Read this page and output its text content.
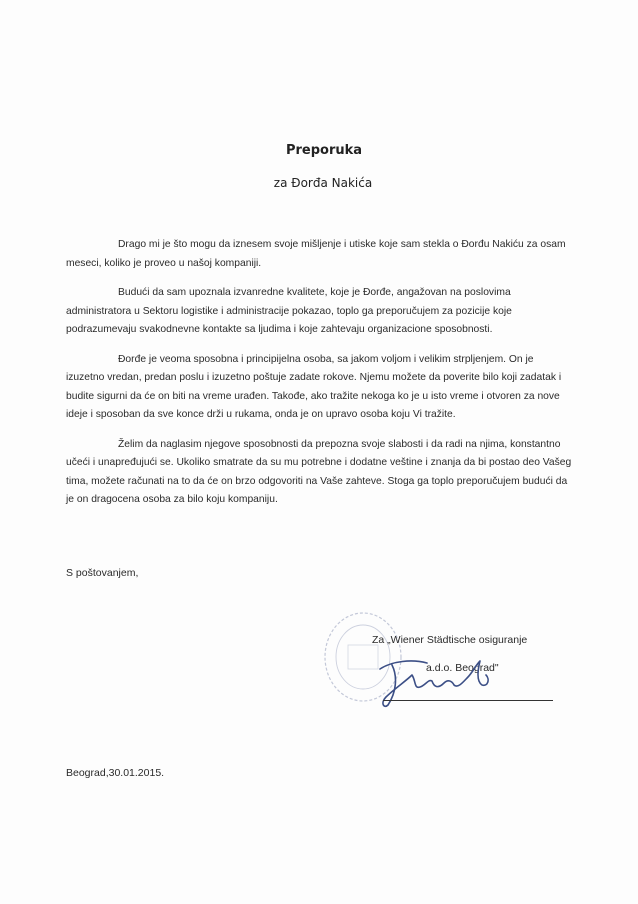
Preporuka
za Đorđa Nakića

Drago mi je što mogu da iznesem svoje mišljenje i utiske koje sam stekla o Đorđu Nakiću za osam meseci, koliko je proveo u našoj kompaniji.

Budući da sam upoznala izvanredne kvalitete, koje je Đorđe, angažovan na poslovima administratora u Sektoru logistike i administracije pokazao, toplo ga preporučujem za pozicije koje podrazumevaju svakodnevne kontakte sa ljudima i koje zahtevaju organizacione sposobnosti.

Đorđe je veoma sposobna i principijelna osoba, sa jakom voljom i velikim strpljenjem. On je izuzetno vredan, predan poslu i izuzetno poštuje zadate rokove. Njemu možete da poverite bilo koji zadatak i budite sigurni da će on biti na vreme urađen. Takođe, ako tražite nekoga ko je u isto vreme i otvoren za nove ideje i sposoban da sve konce drži u rukama, onda je on upravo osoba koju Vi tražite.

Želim da naglasim njegove sposobnosti da prepozna svoje slabosti i da radi na njima, konstantno učeći i unapređujući se. Ukoliko smatrate da su mu potrebne i dodatne veštine i znanja da bi postao deo Vašeg tima, možete računati na to da će on brzo odgovoriti na Vaše zahteve. Stoga ga toplo preporučujem budući da je on dragocena osoba za bilo koju kompaniju.

S poštovanjem,
Za „Wiener Städtische osiguranje
a.d.o. Beograd"
Beograd,30.01.2015.
